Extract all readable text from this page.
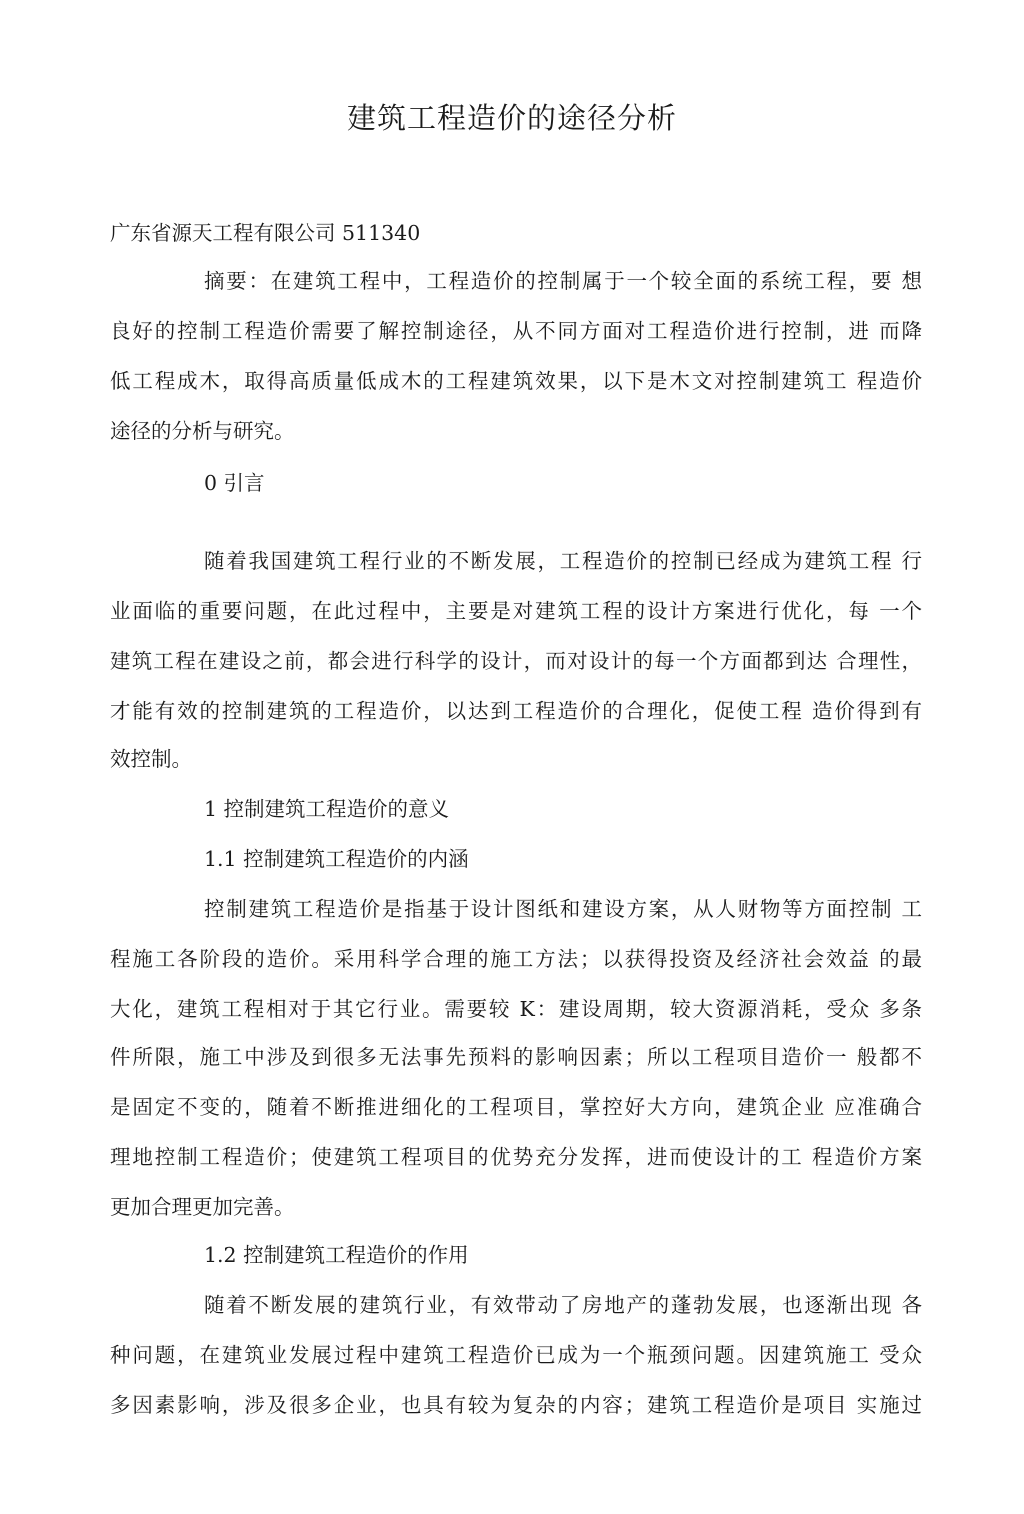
建筑工程造价的途径分析

广东省源天工程有限公司 511340

摘要：在建筑工程中，工程造价的控制属于一个较全面的系统工程，要 想

良好的控制工程造价需要了解控制途径，从不同方面对工程造价进行控制，进 而降

低工程成木，取得高质量低成木的工程建筑效果，以下是木文对控制建筑工 程造价

途径的分析与研究。

0 引言

随着我国建筑工程行业的不断发展，工程造价的控制已经成为建筑工程 行

业面临的重要问题，在此过程中，主要是对建筑工程的设计方案进行优化，每 一个

建筑工程在建设之前，都会进行科学的设计，而对设计的每一个方面都到达 合理性，

才能有效的控制建筑的工程造价，以达到工程造价的合理化，促使工程 造价得到有

效控制。

1 控制建筑工程造价的意义

1.1 控制建筑工程造价的内涵

控制建筑工程造价是指基于设计图纸和建设方案，从人财物等方面控制 工

程施工各阶段的造价。采用科学合理的施工方法；以获得投资及经济社会效益 的最

大化，建筑工程相对于其它行业。需要较 K：建设周期，较大资源消耗，受众 多条

件所限，施工中涉及到很多无法事先预料的影响因素；所以工程项目造价一 般都不

是固定不变的，随着不断推进细化的工程项目，掌控好大方向，建筑企业 应准确合

理地控制工程造价；使建筑工程项目的优势充分发挥，进而使设计的工 程造价方案

更加合理更加完善。

1.2 控制建筑工程造价的作用

随着不断发展的建筑行业，有效带动了房地产的蓬勃发展，也逐渐出现 各

种问题，在建筑业发展过程中建筑工程造价已成为一个瓶颈问题。因建筑施工 受众

多因素影响，涉及很多企业，也具有较为复杂的内容；建筑工程造价是项目 实施过
